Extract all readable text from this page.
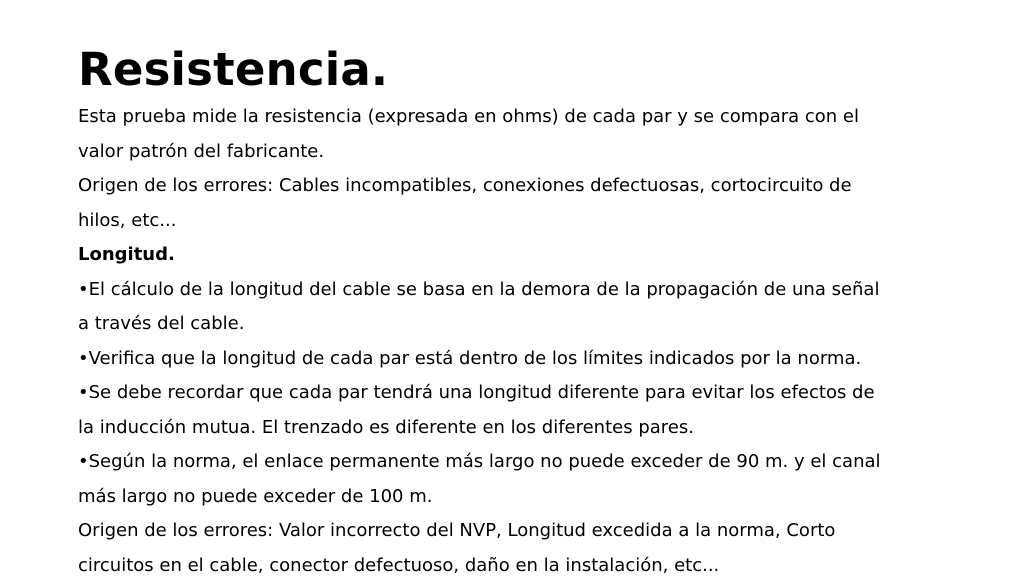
Resistencia.
Esta prueba mide la resistencia (expresada en ohms) de cada par y se compara con el
valor patrón del fabricante.
Origen de los errores: Cables incompatibles, conexiones defectuosas, cortocircuito de
hilos, etc...
Longitud.
•El cálculo de la longitud del cable se basa en la demora de la propagación de una señal
a través del cable.
•Verifica que la longitud de cada par está dentro de los límites indicados por la norma.
•Se debe recordar que cada par tendrá una longitud diferente para evitar los efectos de
la inducción mutua. El trenzado es diferente en los diferentes pares.
•Según la norma, el enlace permanente más largo no puede exceder de 90 m. y el canal
más largo no puede exceder de 100 m.
Origen de los errores: Valor incorrecto del NVP, Longitud excedida a la norma, Corto
circuitos en el cable, conector defectuoso, daño en la instalación, etc...
